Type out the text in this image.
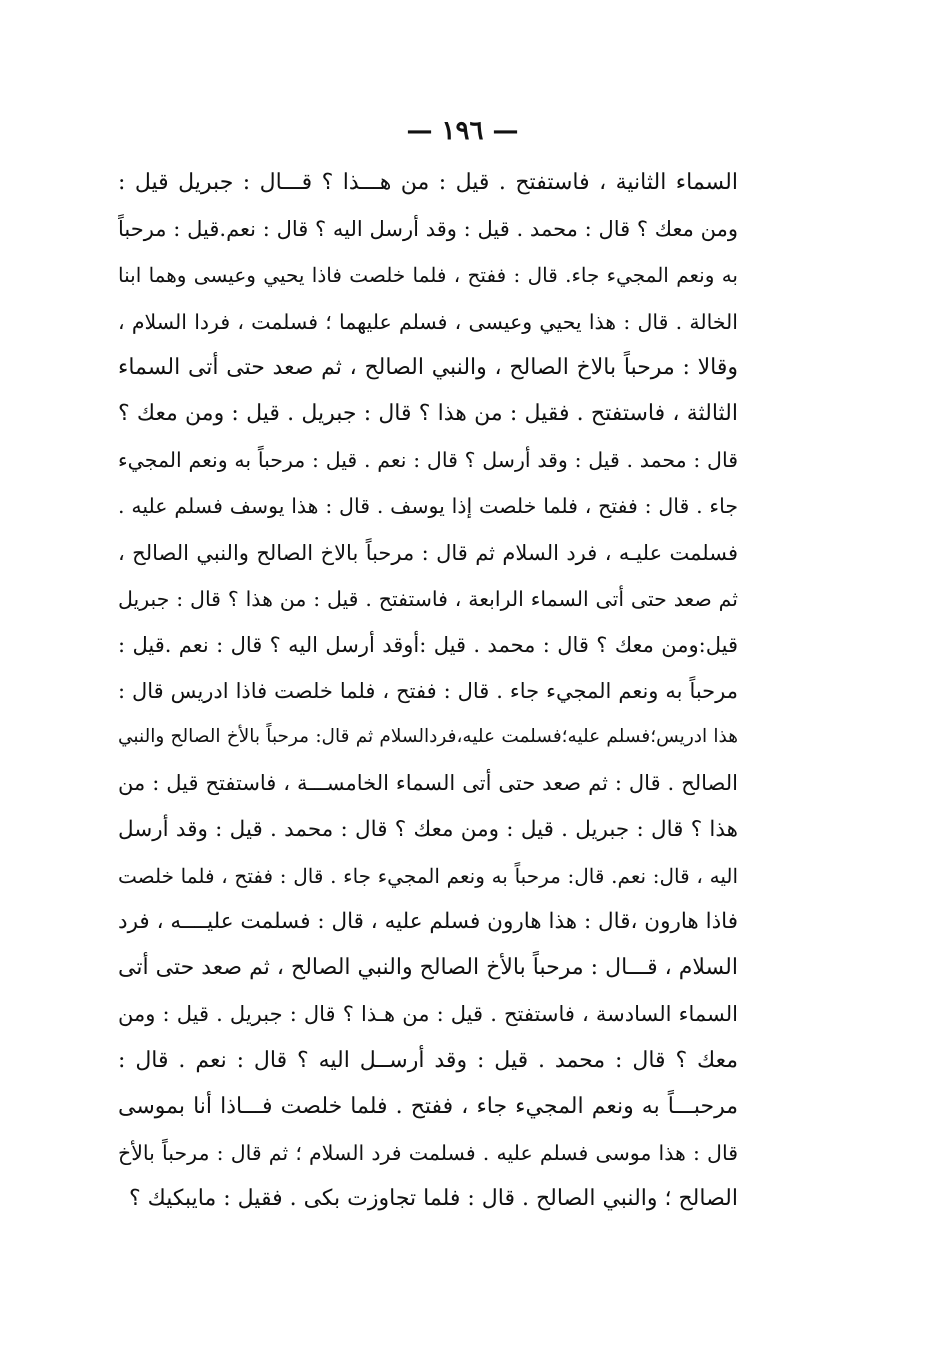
— ١٩٦ —
السماء الثانية ، فاستفتح . قيل : من هـــذا ؟ قـــال : جبريل قيل :
ومن معك ؟ قال : محمد . قيل : وقد أرسل اليه ؟ قال : نعم.قيل : مرحباً
به ونعم المجيء جاء. قال : ففتح ، فلما خلصت فاذا يحيي وعيسى وهما ابنا
الخالة . قال : هذا يحيي وعيسى ، فسلم عليهما ؛ فسلمت ، فردا السلام ،
وقالا : مرحباً بالاخ الصالح ، والنبي الصالح ، ثم صعد حتى أتى السماء
الثالثة ، فاستفتح . فقيل : من هذا ؟ قال : جبريل . قيل : ومن معك ؟
قال : محمد . قيل : وقد أرسل ؟ قال : نعم . قيل : مرحباً به ونعم المجيء
جاء . قال : ففتح ، فلما خلصت إذا يوسف . قال : هذا يوسف فسلم عليه .
فسلمت عليـه ، فرد السلام ثم قال : مرحباً بالاخ الصالح والنبي الصالح ،
ثم صعد حتى أتى السماء الرابعة ، فاستفتح . قيل : من هذا ؟ قال : جبريل
قيل:ومن معك ؟ قال : محمد . قيل :أوقد أرسل اليه ؟ قال : نعم .قيل :
مرحباً به ونعم المجيء جاء . قال : ففتح ، فلما خلصت فاذا ادريس قال :
هذا ادريس؛فسلم عليه؛فسلمت عليه،فردالسلام ثم قال: مرحباً بالأخ الصالح والنبي
الصالح . قال : ثم صعد حتى أتى السماء الخامســـة ، فاستفتح قيل : من
هذا ؟ قال : جبريل . قيل : ومن معك ؟ قال : محمد . قيل : وقد أرسل
اليه ، قال: نعم. قال: مرحباً به ونعم المجيء جاء . قال : ففتح ، فلما خلصت
فاذا هارون ،قال : هذا هارون فسلم عليه ، قال : فسلمت عليــــه ، فرد
السلام ، قـــال : مرحباً بالأخ الصالح والنبي الصالح ، ثم صعد حتى أتى
السماء السادسة ، فاستفتح . قيل : من هـذا ؟ قال : جبريل . قيل : ومن
معك ؟ قال : محمد . قيل : وقد أرســل اليه ؟ قال : نعم . قال :
مرحبـــاً به ونعم المجيء جاء ، ففتح . فلما خلصت فـــاذا أنا بموسى
قال : هذا موسى فسلم عليه . فسلمت فرد السلام ؛ ثم قال : مرحباً بالأخ
الصالح ؛ والنبي الصالح . قال : فلما تجاوزت بكى . فقيل : مايبكيك ؟
